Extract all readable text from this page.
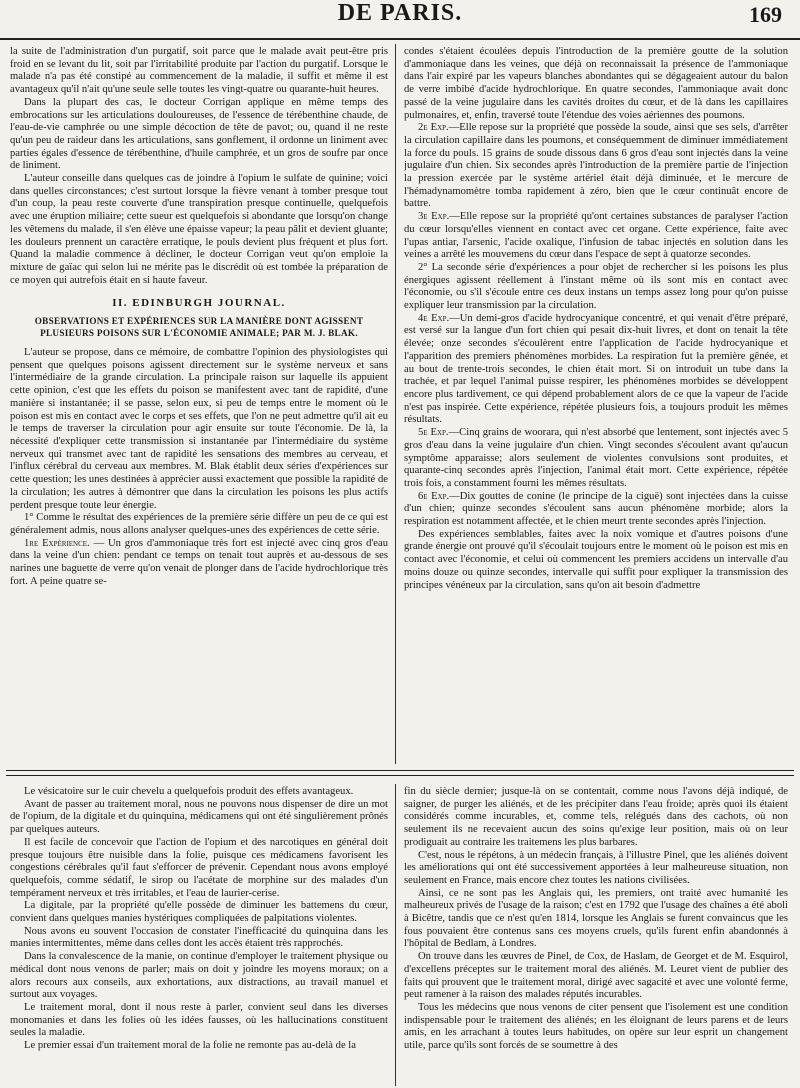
DE PARIS.	169

la suite de l'administration d'un purgatif, soit parce que le malade avait peut-être pris froid en se levant du lit, soit par l'irritabilité produite par l'action du purgatif. Lorsque le malade n'a pas été constipé au commencement de la maladie, il suffit et même il est avantageux qu'il n'ait qu'une seule selle toutes les vingt-quatre ou quarante-huit heures.

Dans la plupart des cas, le docteur Corrigan applique en même temps des embrocations sur les articulations douloureuses, de l'essence de térébenthine chaude, de l'eau-de-vie camphrée ou une simple décoction de tête de pavot; ou, quand il ne reste qu'un peu de raideur dans les articulations, sans gonflement, il ordonne un liniment avec parties égales d'essence de térébenthine, d'huile camphrée, et un gros de soufre par once de liniment.

L'auteur conseille dans quelques cas de joindre à l'opium le sulfate de quinine; voici dans quelles circonstances; c'est surtout lorsque la fièvre venant à tomber presque tout d'un coup, la peau reste couverte d'une transpiration presque continuelle, quelquefois avec une éruption miliaire; cette sueur est quelquefois si abondante que lorsqu'on change les vêtemens du malade, il s'en élève une épaisse vapeur; la peau pâlit et devient gluante; les douleurs prennent un caractère erratique, le pouls devient plus fréquent et plus fort. Quand la maladie commence à décliner, le docteur Corrigan veut qu'on emploie la mixture de gaïac qui selon lui ne mérite pas le discrédit où est tombée la préparation de ce moyen qui autrefois était en si haute faveur.

II. EDINBURGH JOURNAL.
OBSERVATIONS ET EXPÉRIENCES SUR LA MANIÈRE DONT AGISSENT PLUSIEURS POISONS SUR L'ÉCONOMIE ANIMALE; PAR M. J. BLAK.

L'auteur se propose, dans ce mémoire, de combattre l'opinion des physiologistes qui pensent que quelques poisons agissent directement sur le système nerveux et sans l'intermédiaire de la grande circulation. La principale raison sur laquelle ils appuient cette opinion, c'est que les effets du poison se manifestent avec tant de rapidité, d'une manière si instantanée; il se passe, selon eux, si peu de temps entre le moment où le poison est mis en contact avec le corps et ses effets, que l'on ne peut admettre qu'il ait eu le temps de traverser la circulation pour agir ensuite sur toute l'économie. De là, la nécessité d'expliquer cette transmission si instantanée par l'intermédiaire du système nerveux qui transmet avec tant de rapidité les sensations des membres au cerveau, et l'influx cérébral du cerveau aux membres. M. Blak établit deux séries d'expériences sur cette question; les unes destinées à apprécier aussi exactement que possible la rapidité de la circulation; les autres à démontrer que dans la circulation les poisons les plus actifs perdent presque toute leur énergie.

1° Comme le résultat des expériences de la première série diffère un peu de ce qui est généralement admis, nous allons analyser quelques-unes des expériences de cette série.

1re Expérience. — Un gros d'ammoniaque très fort est injecté avec cinq gros d'eau dans la veine d'un chien: pendant ce temps on tenait tout auprès et au-dessous de ses narines une baguette de verre qu'on venait de plonger dans de l'acide hydrochlorique très fort. A peine quatre se-

condes s'étaient écoulées depuis l'introduction de la première goutte de la solution d'ammoniaque dans les veines, que déjà on reconnaissait la présence de l'ammoniaque dans l'air expiré par les vapeurs blanches abondantes qui se dégageaient autour du balon de verre imbibé d'acide hydrochlorique. En quatre secondes, l'ammoniaque avait donc passé de la veine jugulaire dans les cavités droites du cœur, et de là dans les capillaires pulmonaires, et, enfin, traversé toute l'étendue des voies aériennes des poumons.

2e Exp.—Elle repose sur la propriété que possède la soude, ainsi que ses sels, d'arrêter la circulation capillaire dans les poumons, et conséquemment de diminuer immédiatement la force du pouls. 15 grains de soude dissous dans 6 gros d'eau sont injectés dans la veine jugulaire d'un chien. Six secondes après l'introduction de la première partie de l'injection la pression exercée par le système artériel était déjà diminuée, et le mercure de l'hémadynamomètre tomba rapidement à zéro, bien que le cœur continuât encore de battre.

3e Exp.—Elle repose sur la propriété qu'ont certaines substances de paralyser l'action du cœur lorsqu'elles viennent en contact avec cet organe. Cette expérience, faite avec l'upas antiar, l'arsenic, l'acide oxalique, l'infusion de tabac injectés en solution dans les veines a arrêté les mouvemens du cœur dans l'espace de sept à quatorze secondes.

2° La seconde série d'expériences a pour objet de rechercher si les poisons les plus énergiques agissent réellement à l'instant même où ils sont mis en contact avec l'économie, ou s'il s'écoule entre ces deux instans un temps assez long pour qu'on puisse expliquer leur transmission par la circulation.

4e Exp.—Un demi-gros d'acide hydrocyanique concentré, et qui venait d'être préparé, est versé sur la langue d'un fort chien qui pesait dix-huit livres, et dont on tenait la tête élevée; onze secondes s'écoulèrent entre l'application de l'acide hydrocyanique et l'apparition des premiers phénomènes morbides. La respiration fut la première gênée, et au bout de trente-trois secondes, le chien était mort. Si on introduit un tube dans la trachée, et par lequel l'animal puisse respirer, les phénomènes morbides se développent encore plus tardivement, ce qui dépend probablement alors de ce que la vapeur de l'acide n'est pas inspirée. Cette expérience, répétée plusieurs fois, a toujours produit les mêmes résultats.

5e Exp.—Cinq grains de woorara, qui n'est absorbé que lentement, sont injectés avec 5 gros d'eau dans la veine jugulaire d'un chien. Vingt secondes s'écoulent avant qu'aucun symptôme apparaisse; alors seulement de violentes convulsions sont produites, et quarante-cinq secondes après l'injection, l'animal était mort. Cette expérience, répétée trois fois, a constamment fourni les mêmes résultats.

6e Exp.—Dix gouttes de conine (le principe de la ciguë) sont injectées dans la cuisse d'un chien; quinze secondes s'écoulent sans aucun phénomène morbide; alors la respiration est notamment affectée, et le chien meurt trente secondes après l'injection.

Des expériences semblables, faites avec la noix vomique et d'autres poisons d'une grande énergie ont prouvé qu'il s'écoulait toujours entre le moment où le poison est mis en contact avec l'économie, et celui où commencent les premiers accidens un intervalle d'au moins douze ou quinze secondes, intervalle qui suffit pour expliquer la transmission des principes vénéneux par la circulation, sans qu'on ait besoin d'admettre

Le vésicatoire sur le cuir chevelu a quelquefois produit des effets avantageux.

Avant de passer au traitement moral, nous ne pouvons nous dispenser de dire un mot de l'opium, de la digitale et du quinquina, médicamens qui ont été singulièrement prônés par quelques auteurs.

Il est facile de concevoir que l'action de l'opium et des narcotiques en général doit presque toujours être nuisible dans la folie, puisque ces médicamens favorisent les congestions cérébrales qu'il faut s'efforcer de prévenir. Cependant nous avons employé quelquefois, comme sédatif, le sirop ou l'acétate de morphine sur des malades d'un tempérament nerveux et très irritables, et l'eau de laurier-cerise.

La digitale, par la propriété qu'elle possède de diminuer les battemens du cœur, convient dans quelques manies hystériques compliquées de palpitations violentes.

Nous avons eu souvent l'occasion de constater l'inefficacité du quinquina dans les manies intermittentes, même dans celles dont les accès étaient très rapprochés.

Dans la convalescence de la manie, on continue d'employer le traitement physique ou médical dont nous venons de parler; mais on doit y joindre les moyens moraux; on a alors recours aux conseils, aux exhortations, aux distractions, au travail manuel et surtout aux voyages.

Le traitement moral, dont il nous reste à parler, convient seul dans les diverses monomanies et dans les folies où les idées fausses, où les hallucinations constituent seules la maladie.

Le premier essai d'un traitement moral de la folie ne remonte pas au-delà de la

fin du siècle dernier; jusque-là on se contentait, comme nous l'avons déjà indiqué, de saigner, de purger les aliénés, et de les précipiter dans l'eau froide; après quoi ils étaient considérés comme incurables, et, comme tels, relégués dans des cachots, où non seulement ils ne recevaient aucun des soins qu'exige leur position, mais où on leur prodiguait au contraire les traitemens les plus barbares.

C'est, nous le répétons, à un médecin français, à l'illustre Pinel, que les aliénés doivent les améliorations qui ont été successivement apportées à leur malheureuse situation, non seulement en France, mais encore chez toutes les nations civilisées.

Ainsi, ce ne sont pas les Anglais qui, les premiers, ont traité avec humanité les malheureux privés de l'usage de la raison; c'est en 1792 que l'usage des chaînes a été aboli à Bicêtre, tandis que ce n'est qu'en 1814, lorsque les Anglais se furent convaincus que les fous pouvaient être contenus sans ces moyens cruels, qu'ils furent enfin abandonnés à l'hôpital de Bedlam, à Londres.

On trouve dans les œuvres de Pinel, de Cox, de Haslam, de Georget et de M. Esquirol, d'excellens préceptes sur le traitement moral des aliénés. M. Leuret vient de publier des faits qui prouvent que le traitement moral, dirigé avec sagacité et avec une volonté ferme, peut ramener à la raison des malades réputés incurables.

Tous les médecins que nous venons de citer pensent que l'isolement est une condition indispensable pour le traitement des aliénés; en les éloignant de leurs parens et de leurs amis, en les arrachant à toutes leurs habitudes, on opère sur leur esprit un changement utile, parce qu'ils sont forcés de se soumettre à des
